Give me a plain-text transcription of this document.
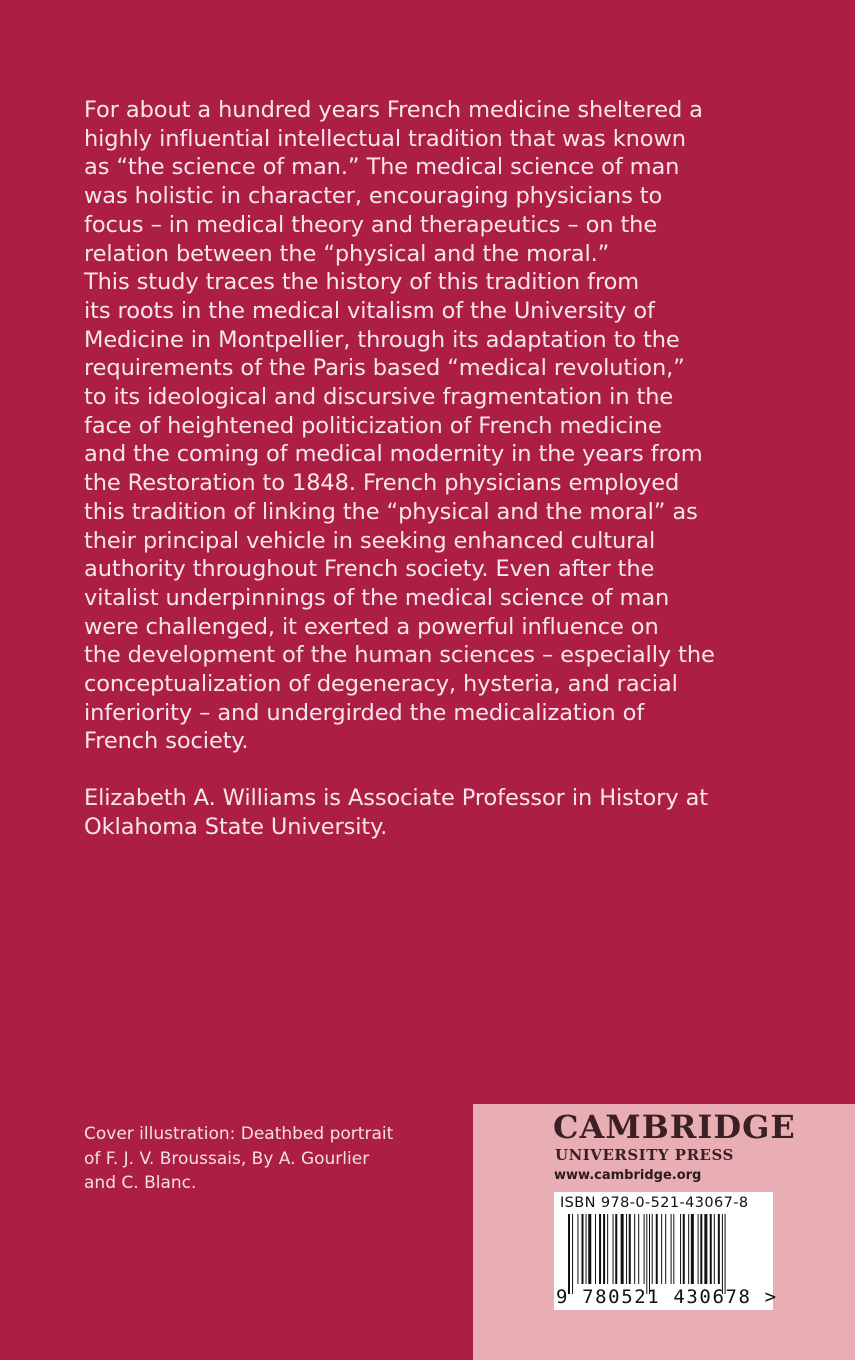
For about a hundred years French medicine sheltered a

highly influential intellectual tradition that was known

as “the science of man.” The medical science of man

was holistic in character, encouraging physicians to

focus – in medical theory and therapeutics – on the

relation between the “physical and the moral.”

This study traces the history of this tradition from

its roots in the medical vitalism of the University of

Medicine in Montpellier, through its adaptation to the

requirements of the Paris based “medical revolution,”

to its ideological and discursive fragmentation in the

face of heightened politicization of French medicine

and the coming of medical modernity in the years from

the Restoration to 1848. French physicians employed

this tradition of linking the “physical and the moral” as

their principal vehicle in seeking enhanced cultural

authority throughout French society. Even after the

vitalist underpinnings of the medical science of man

were challenged, it exerted a powerful influence on

the development of the human sciences – especially the

conceptualization of degeneracy, hysteria, and racial

inferiority – and undergirded the medicalization of

French society.

Elizabeth A. Williams is Associate Professor in History at

Oklahoma State University.

Cover illustration: Deathbed portrait

of F. J. V. Broussais, By A. Gourlier

and C. Blanc.

CAMBRIDGE
UNIVERSITY PRESS
www.cambridge.org
ISBN 978-0-521-43067-8
9 780521 430678 >
